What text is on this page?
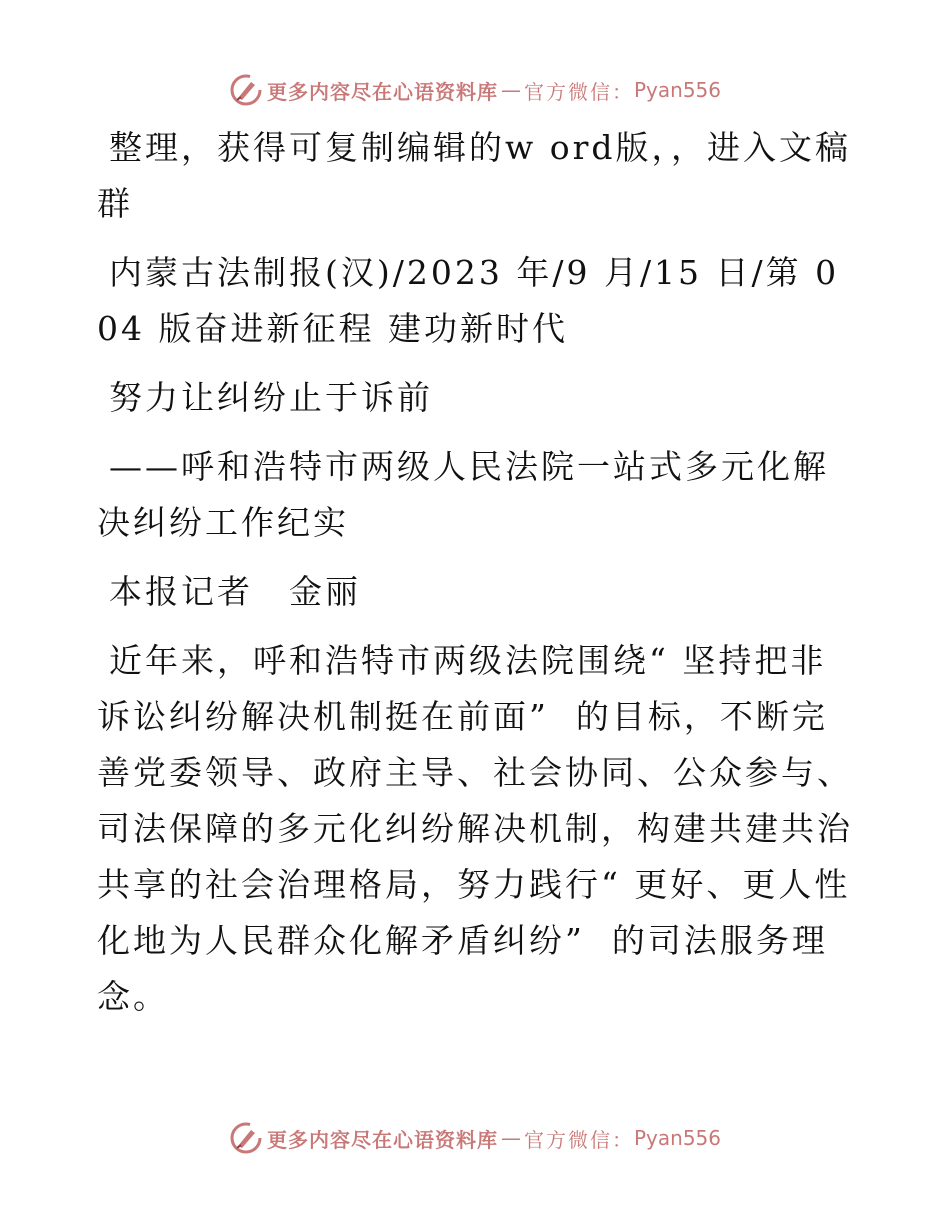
更多内容尽在心语资料库 — 官方微信： Pyan556

整理，获得可复制编辑的w ord版，，进入文稿群

内蒙古法制报(汉)/2023 年/9 月/15 日/第 004 版奋进新征程 建功新时代

努力让纠纷止于诉前

——呼和浩特市两级人民法院一站式多元化解决纠纷工作纪实

本报记者　金丽

近年来，呼和浩特市两级法院围绕“ 坚持把非诉讼纠纷解决机制挺在前面”  的目标，不断完善党委领导、政府主导、社会协同、公众参与、司法保障的多元化纠纷解决机制，构建共建共治共享的社会治理格局，努力践行“ 更好、更人性化地为人民群众化解矛盾纠纷”  的司法服务理念。

更多内容尽在心语资料库 — 官方微信： Pyan556
